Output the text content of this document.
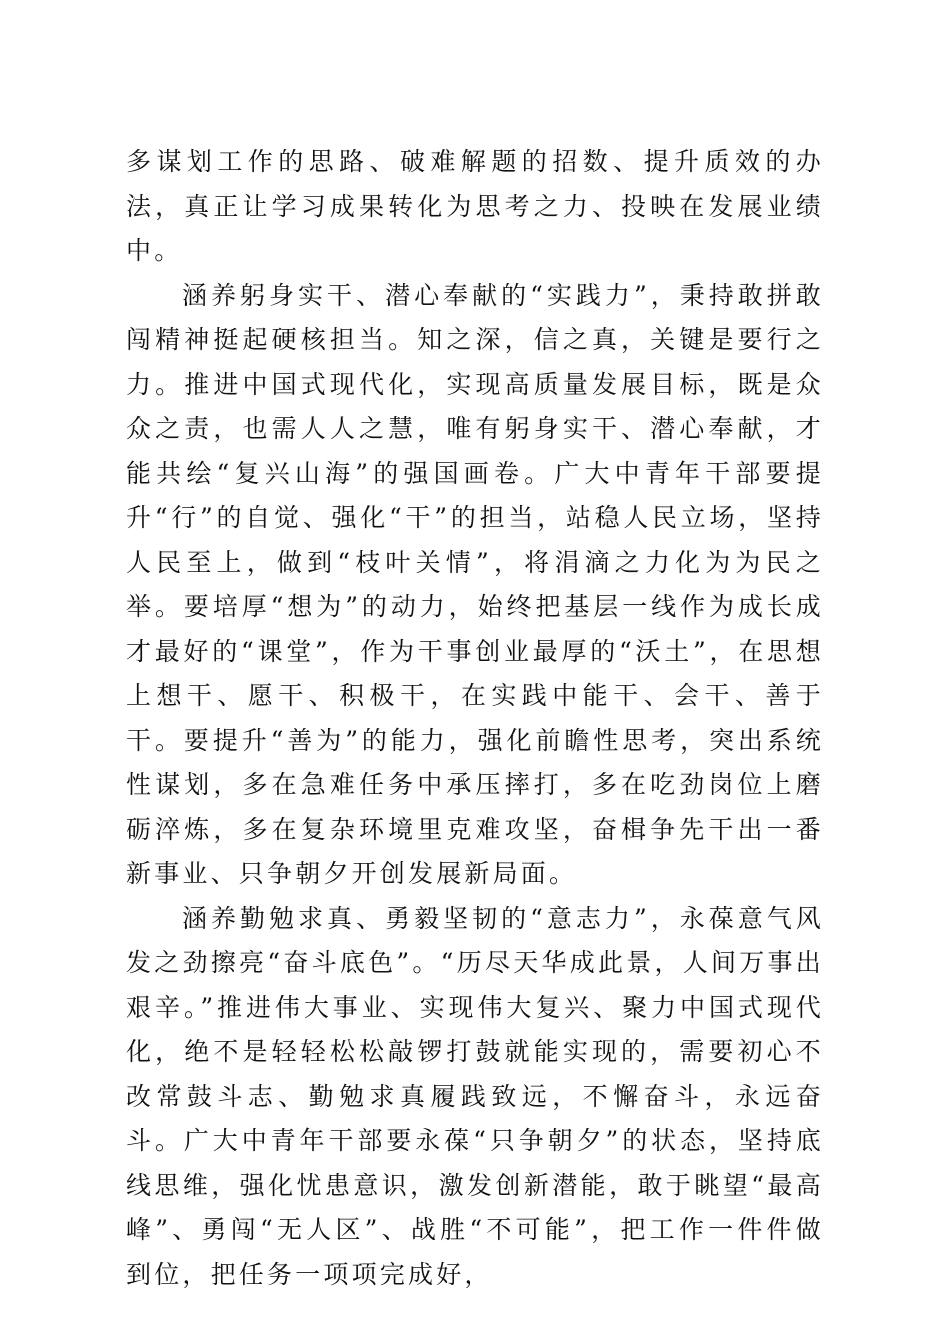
多谋划工作的思路、破难解题的招数、提升质效的办法，真正让学习成果转化为思考之力、投映在发展业绩中。

涵养躬身实干、潜心奉献的“实践力”，秉持敢拼敢闯精神挺起硬核担当。知之深，信之真，关键是要行之力。推进中国式现代化，实现高质量发展目标，既是众众之责，也需人人之慧，唯有躬身实干、潜心奉献，才能共绘“复兴山海”的强国画卷。广大中青年干部要提升“行”的自觉、强化“干”的担当，站稳人民立场，坚持人民至上，做到“枝叶关情”，将涓滴之力化为为民之举。要培厚“想为”的动力，始终把基层一线作为成长成才最好的“课堂”，作为干事创业最厚的“沃土”，在思想上想干、愿干、积极干，在实践中能干、会干、善于干。要提升“善为”的能力，强化前瞻性思考，突出系统性谋划，多在急难任务中承压摔打，多在吃劲岗位上磨砺淬炼，多在复杂环境里克难攻坚，奋楫争先干出一番新事业、只争朝夕开创发展新局面。

涵养勤勉求真、勇毅坚韧的“意志力”，永葆意气风发之劲擦亮“奋斗底色”。“历尽天华成此景，人间万事出艰辛。”推进伟大事业、实现伟大复兴、聚力中国式现代化，绝不是轻轻松松敲锣打鼓就能实现的，需要初心不改常鼓斗志、勤勉求真履践致远，不懈奋斗，永远奋斗。广大中青年干部要永葆“只争朝夕”的状态，坚持底线思维，强化忧患意识，激发创新潜能，敢于眺望“最高峰”、勇闯“无人区”、战胜“不可能”，把工作一件件做到位，把任务一项项完成好，
